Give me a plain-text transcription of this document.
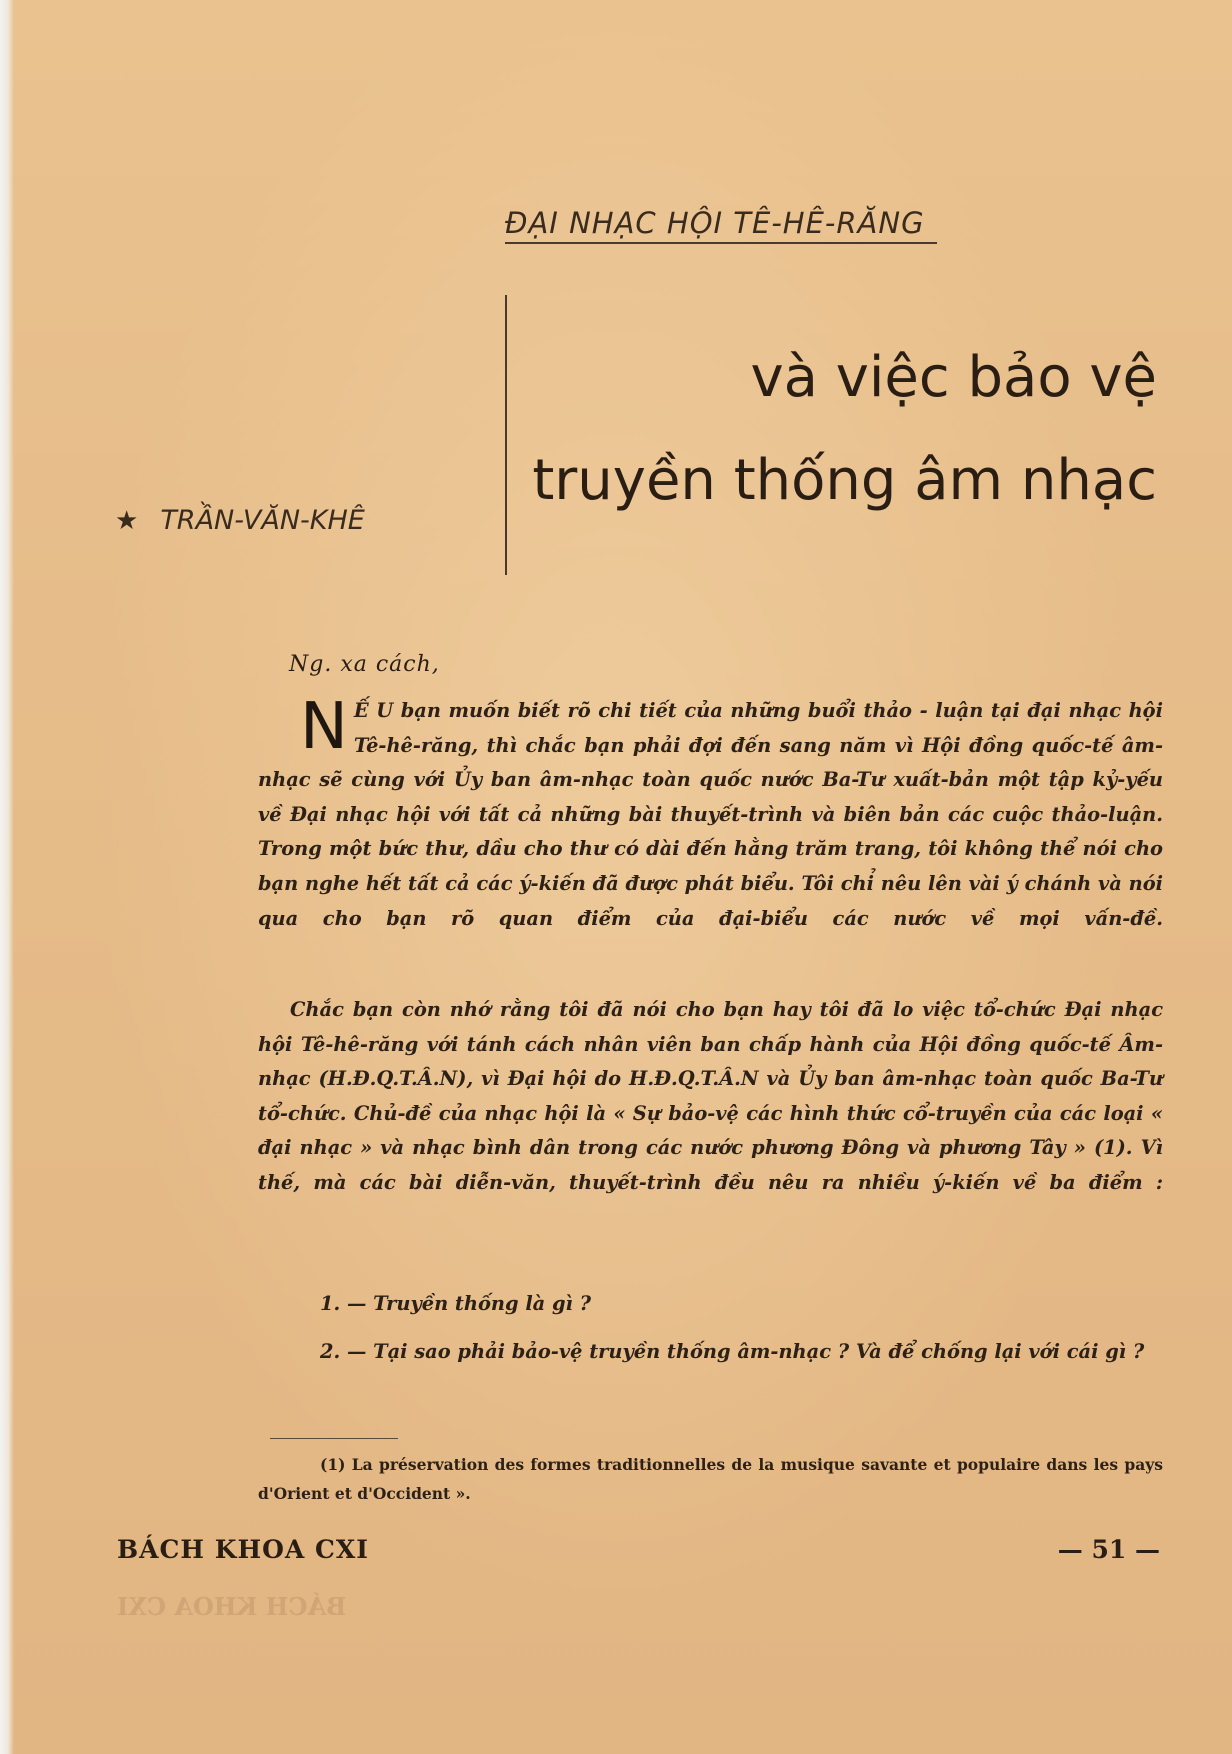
ĐẠI NHẠC HỘI TÊ-HÊ-RĂNG
và việc bảo vệ
truyền thống âm nhạc
★ TRẦN-VĂN-KHÊ
Ng. xa cách,
N Ế U bạn muốn biết rõ chi tiết của những buổi thảo - luận tại đại nhạc hội Tê-hê-răng, thì chắc bạn phải đợi đến sang năm vì Hội đồng quốc-tế âm-nhạc sẽ cùng với Ủy ban âm-nhạc toàn quốc nước Ba-Tư xuất-bản một tập kỷ-yếu về Đại nhạc hội với tất cả những bài thuyết-trình và biên bản các cuộc thảo-luận. Trong một bức thư, dầu cho thư có dài đến hằng trăm trang, tôi không thể nói cho bạn nghe hết tất cả các ý-kiến đã được phát biểu. Tôi chỉ nêu lên vài ý chánh và nói qua cho bạn rõ quan điểm của đại-biểu các nước về mọi vấn-đề.
Chắc bạn còn nhớ rằng tôi đã nói cho bạn hay tôi đã lo việc tổ-chức Đại nhạc hội Tê-hê-răng với tánh cách nhân viên ban chấp hành của Hội đồng quốc-tế Âm-nhạc (H.Đ.Q.T.Â.N), vì Đại hội do H.Đ.Q.T.Â.N và Ủy ban âm-nhạc toàn quốc Ba-Tư tổ-chức. Chủ-đề của nhạc hội là « Sự bảo-vệ các hình thức cổ-truyền của các loại « đại nhạc » và nhạc bình dân trong các nước phương Đông và phương Tây » (1). Vì thế, mà các bài diễn-văn, thuyết-trình đều nêu ra nhiều ý-kiến về ba điểm :
1. — Truyền thống là gì ?
2. — Tại sao phải bảo-vệ truyền thống âm-nhạc ? Và để chống lại với cái gì ?
(1) La préservation des formes traditionnelles de la musique savante et populaire dans les pays d'Orient et d'Occident ».
BÁCH KHOA CXI	— 51 —
BÁCH KHOA CXI
